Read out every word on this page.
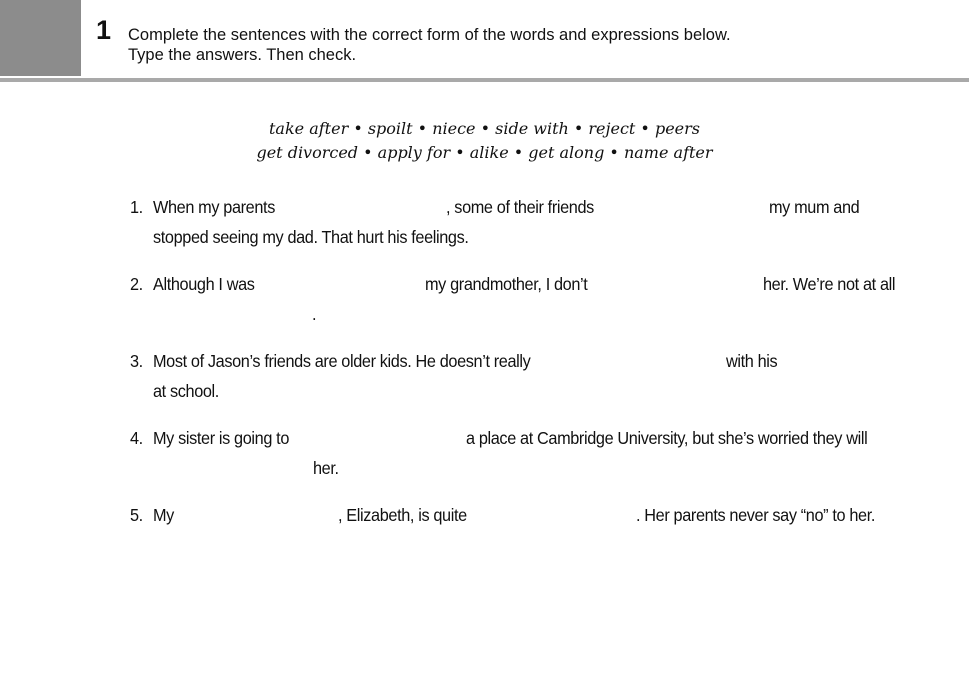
1 Complete the sentences with the correct form of the words and expressions below.
Type the answers. Then check.
take after • spoilt • niece • side with • reject • peers
get divorced • apply for • alike • get along • name after
1. When my parents	, some of their friends	my mum and
stopped seeing my dad. That hurt his feelings.
2. Although I was	my grandmother, I don’t	her. We’re not at all
.
3. Most of Jason’s friends are older kids. He doesn’t really	with his
at school.
4. My sister is going to	a place at Cambridge University, but she’s worried they will
her.
5. My	, Elizabeth, is quite	. Her parents never say “no” to her.
